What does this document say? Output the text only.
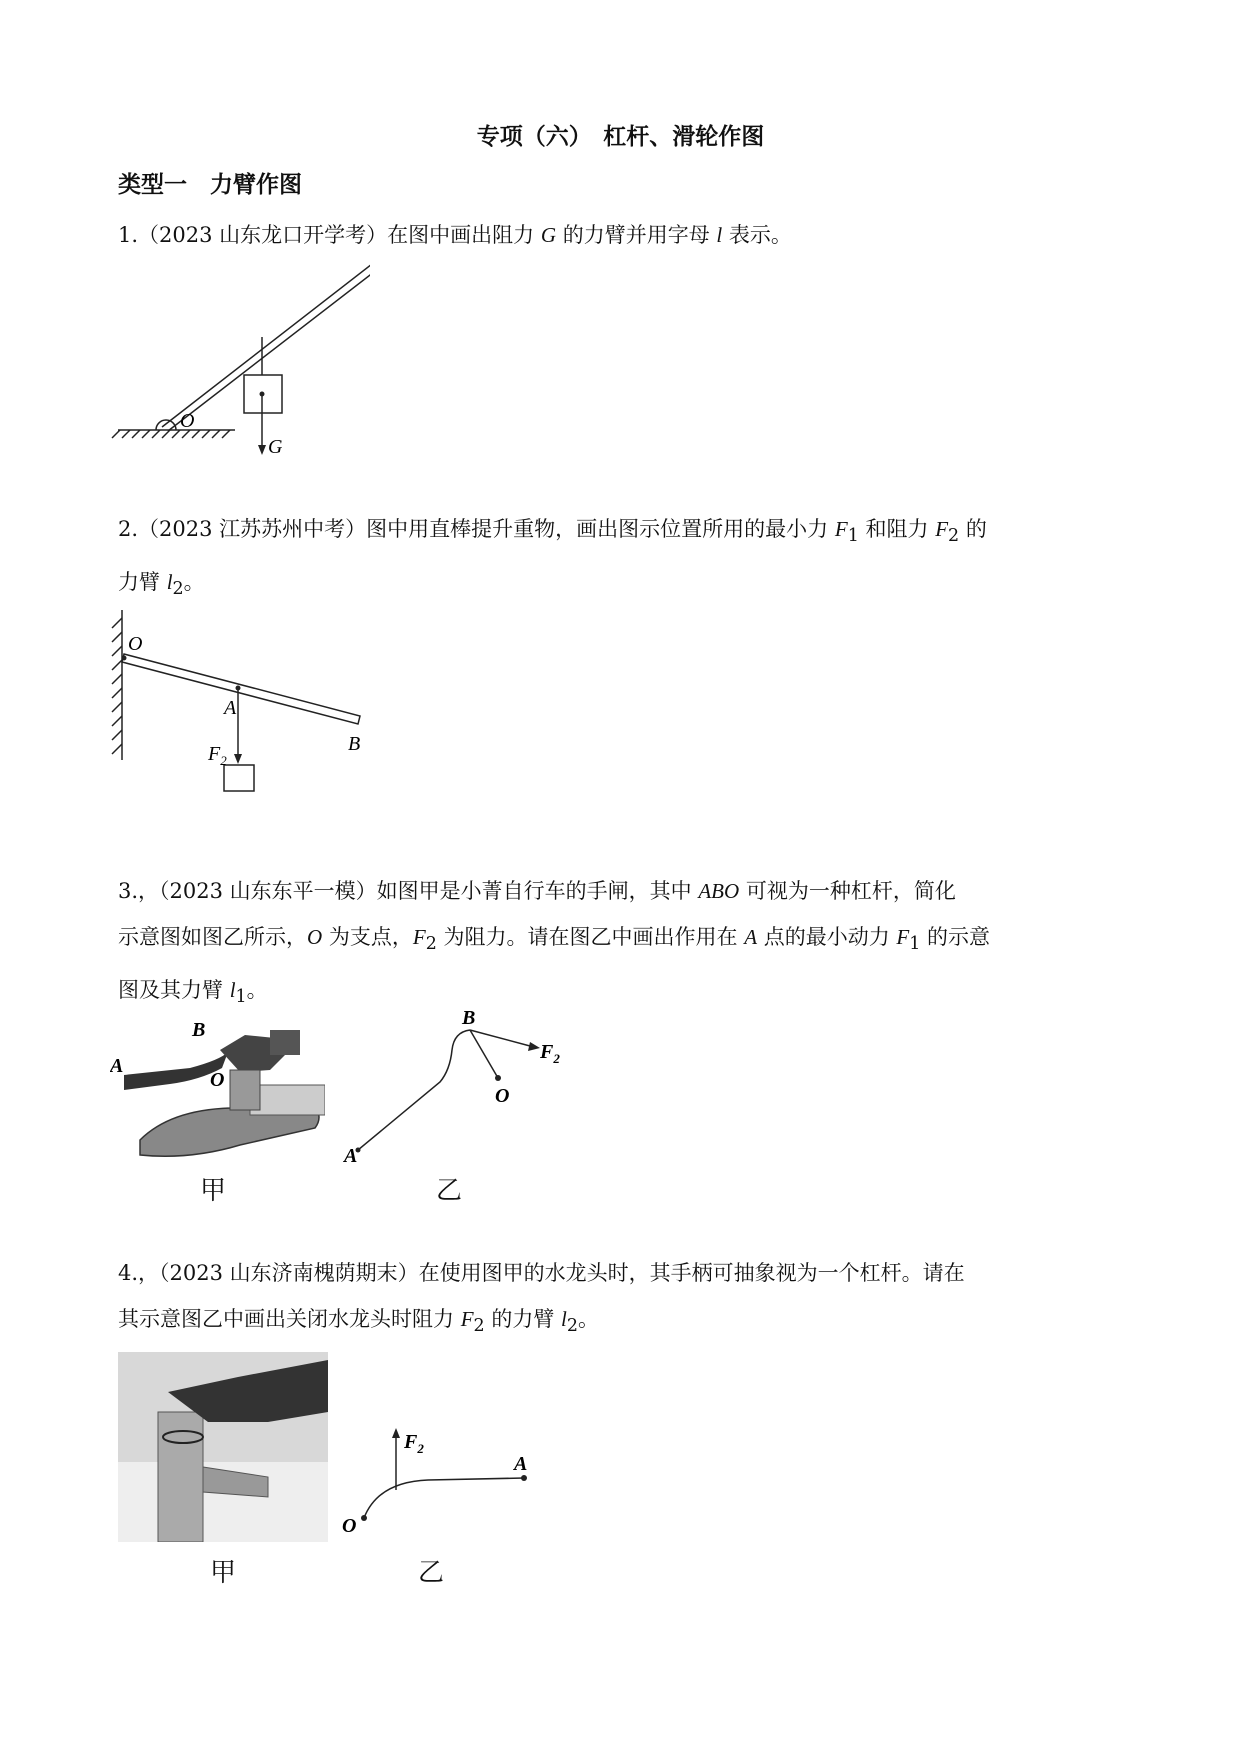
专项（六）　杠杆、滑轮作图
类型一　力臂作图
1.（2023 山东龙口开学考）在图中画出阻力 G 的力臂并用字母 l 表示。
O
G
2.（2023 江苏苏州中考）图中用直棒提升重物，画出图示位置所用的最小力 $F_1$ 和阻力 $F_2$ 的
力臂 $l_2$。
O
A
B
$F_2$
3.，（2023 山东东平一模）如图甲是小菁自行车的手闸，其中 ABO 可视为一种杠杆，简化
示意图如图乙所示，O 为支点，$F_2$ 为阻力。请在图乙中画出作用在 A 点的最小动力 $F_1$ 的示意
图及其力臂 $l_1$。
B
A
O
甲
B
A
O
$F_2$
乙
4.，（2023 山东济南槐荫期末）在使用图甲的水龙头时，其手柄可抽象视为一个杠杆。请在
其示意图乙中画出关闭水龙头时阻力 $F_2$ 的力臂 $l_2$。
甲
O
A
$F_2$
乙
